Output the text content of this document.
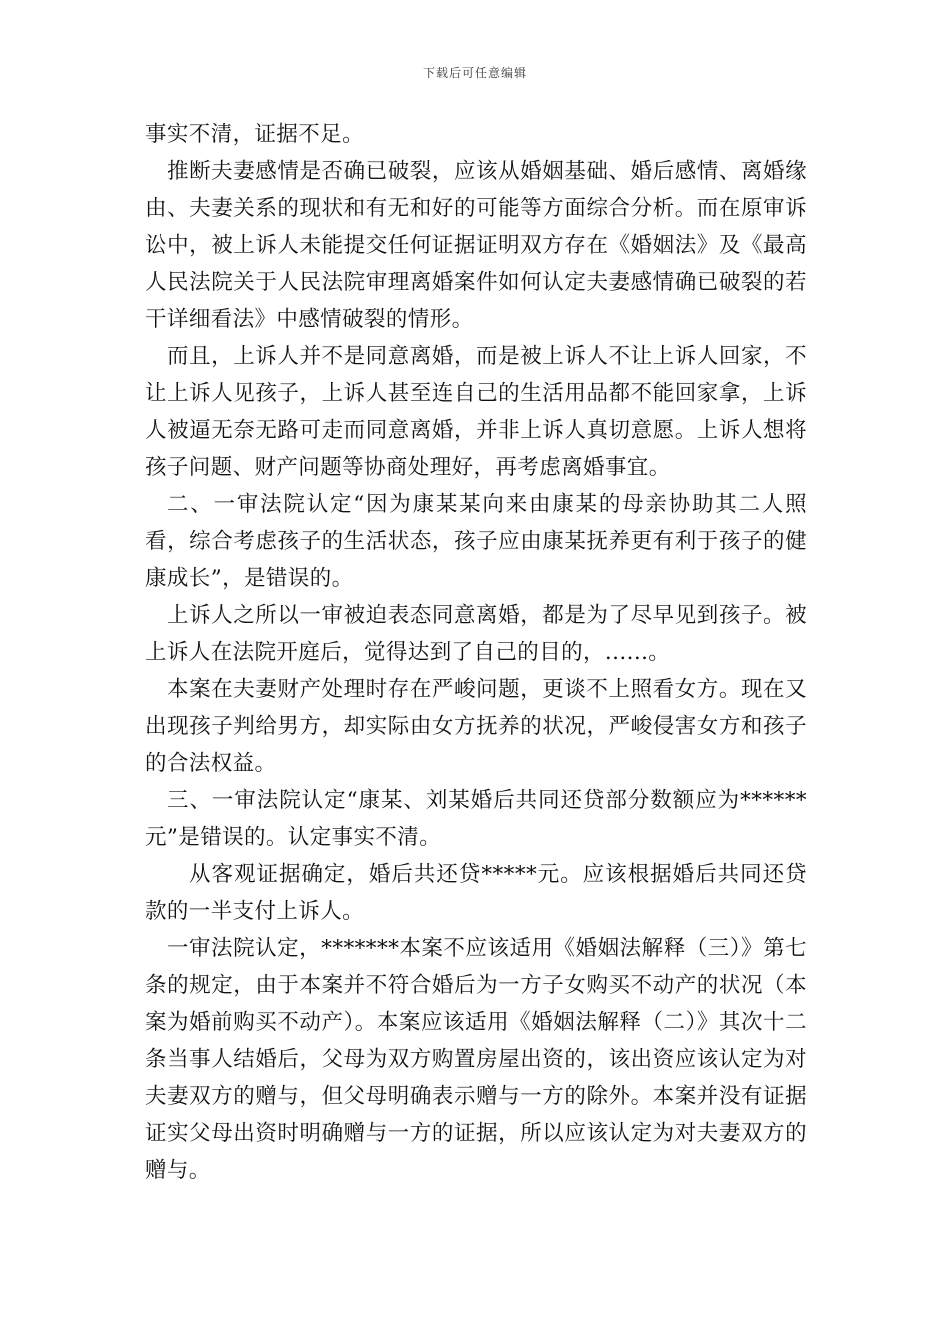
下载后可任意编辑

事实不清，证据不足。

推断夫妻感情是否确已破裂，应该从婚姻基础、婚后感情、离婚缘由、夫妻关系的现状和有无和好的可能等方面综合分析。而在原审诉讼中，被上诉人未能提交任何证据证明双方存在《婚姻法》及《最高人民法院关于人民法院审理离婚案件如何认定夫妻感情确已破裂的若干详细看法》中感情破裂的情形。

而且，上诉人并不是同意离婚，而是被上诉人不让上诉人回家，不让上诉人见孩子，上诉人甚至连自己的生活用品都不能回家拿，上诉人被逼无奈无路可走而同意离婚，并非上诉人真切意愿。上诉人想将孩子问题、财产问题等协商处理好，再考虑离婚事宜。

二、一审法院认定“因为康某某向来由康某的母亲协助其二人照看，综合考虑孩子的生活状态，孩子应由康某抚养更有利于孩子的健康成长”，是错误的。

上诉人之所以一审被迫表态同意离婚，都是为了尽早见到孩子。被上诉人在法院开庭后，觉得达到了自己的目的，......。

本案在夫妻财产处理时存在严峻问题，更谈不上照看女方。现在又出现孩子判给男方，却实际由女方抚养的状况，严峻侵害女方和孩子的合法权益。

三、一审法院认定“康某、刘某婚后共同还贷部分数额应为******元”是错误的。认定事实不清。

从客观证据确定，婚后共还贷*****元。应该根据婚后共同还贷款的一半支付上诉人。

一审法院认定，*******本案不应该适用《婚姻法解释（三）》第七条的规定，由于本案并不符合婚后为一方子女购买不动产的状况（本案为婚前购买不动产）。本案应该适用《婚姻法解释（二）》其次十二条当事人结婚后，父母为双方购置房屋出资的，该出资应该认定为对夫妻双方的赠与，但父母明确表示赠与一方的除外。本案并没有证据证实父母出资时明确赠与一方的证据，所以应该认定为对夫妻双方的赠与。
